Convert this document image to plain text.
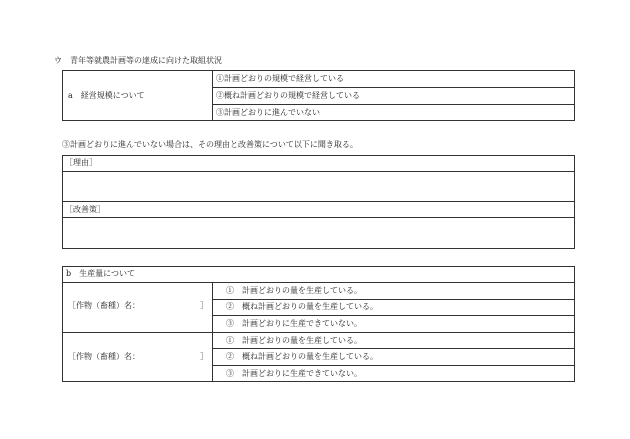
ウ　青年等就農計画等の達成に向けた取組状況
a　経営規模について
①計画どおりの規模で経営している
②概ね計画どおりの規模で経営している
③計画どおりに進んでいない
③計画どおりに進んでいない場合は、その理由と改善策について以下に聞き取る。
［理由］
［改善策］
b　生産量について
［作物（畜種）名：	］
①　計画どおりの量を生産している。
②　概ね計画どおりの量を生産している。
③　計画どおりに生産できていない。
［作物（畜種）名：	］
①　計画どおりの量を生産している。
②　概ね計画どおりの量を生産している。
③　計画どおりに生産できていない。
